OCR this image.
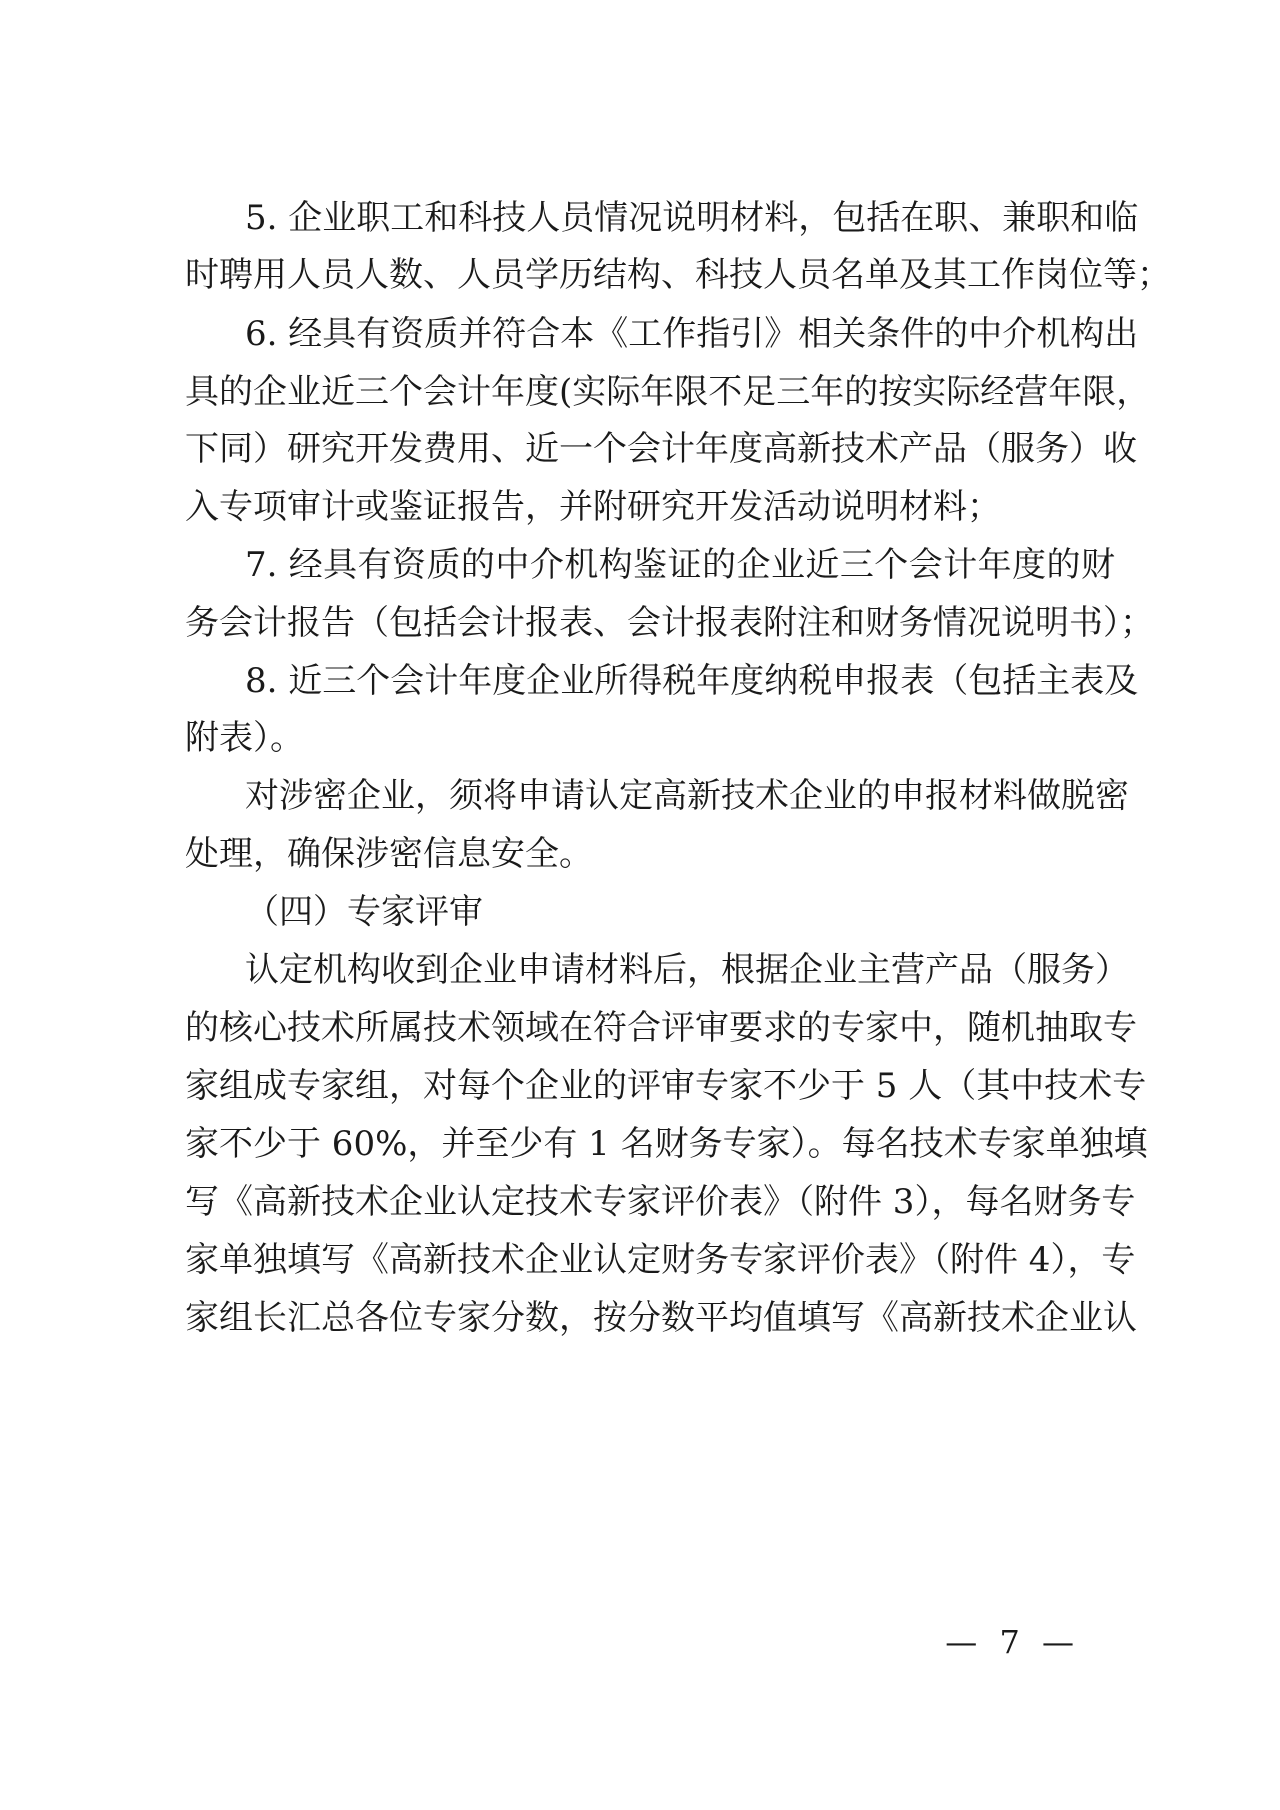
5. 企业职工和科技人员情况说明材料，包括在职、兼职和临
时聘用人员人数、人员学历结构、科技人员名单及其工作岗位等；
6. 经具有资质并符合本《工作指引》相关条件的中介机构出
具的企业近三个会计年度(实际年限不足三年的按实际经营年限，
下同）研究开发费用、近一个会计年度高新技术产品（服务）收
入专项审计或鉴证报告，并附研究开发活动说明材料；
7. 经具有资质的中介机构鉴证的企业近三个会计年度的财
务会计报告（包括会计报表、会计报表附注和财务情况说明书）；
8. 近三个会计年度企业所得税年度纳税申报表（包括主表及
附表）。
对涉密企业，须将申请认定高新技术企业的申报材料做脱密
处理，确保涉密信息安全。
（四）专家评审
认定机构收到企业申请材料后，根据企业主营产品（服务）
的核心技术所属技术领域在符合评审要求的专家中，随机抽取专
家组成专家组，对每个企业的评审专家不少于 5 人（其中技术专
家不少于 60%，并至少有 1 名财务专家）。每名技术专家单独填
写《高新技术企业认定技术专家评价表》（附件 3），每名财务专
家单独填写《高新技术企业认定财务专家评价表》（附件 4），专
家组长汇总各位专家分数，按分数平均值填写《高新技术企业认
— 7 —
